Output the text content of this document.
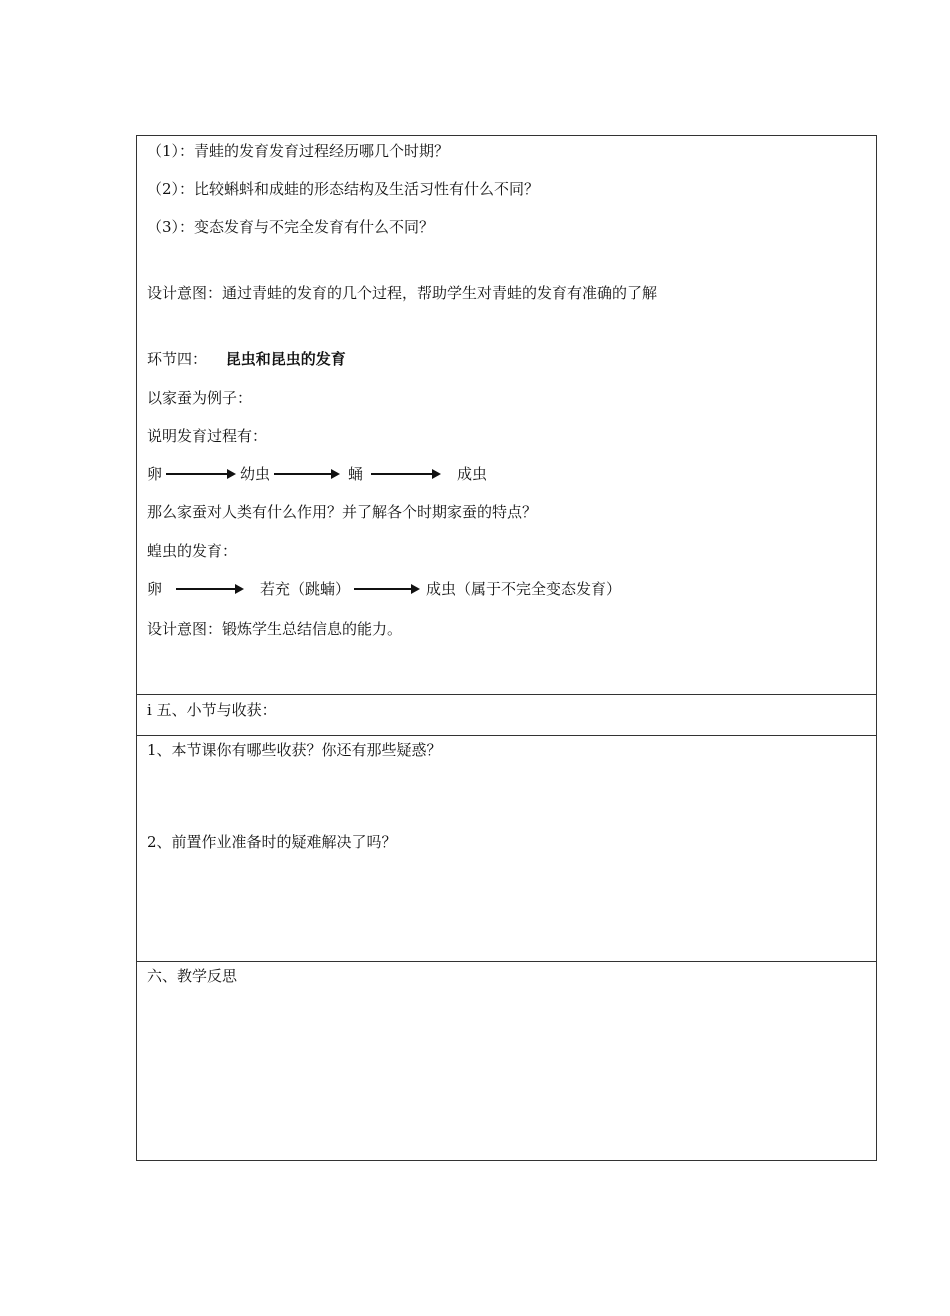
（1）：青蛙的发育发育过程经历哪几个时期？
（2）：比较蝌蚪和成蛙的形态结构及生活习性有什么不同？
（3）：变态发育与不完全发育有什么不同？
设计意图：通过青蛙的发育的几个过程，帮助学生对青蛙的发育有准确的了解
环节四： 昆虫和昆虫的发育
以家蚕为例子：
说明发育过程有：
卵	幼虫	蛹	成虫
那么家蚕对人类有什么作用？并了解各个时期家蚕的特点？
蝗虫的发育：
卵	若充（跳蝻）	成虫（属于不完全变态发育）
设计意图：锻炼学生总结信息的能力。
i 五、小节与收获：
1、本节课你有哪些收获？你还有那些疑惑？
2、前置作业准备时的疑难解决了吗？
六、教学反思
